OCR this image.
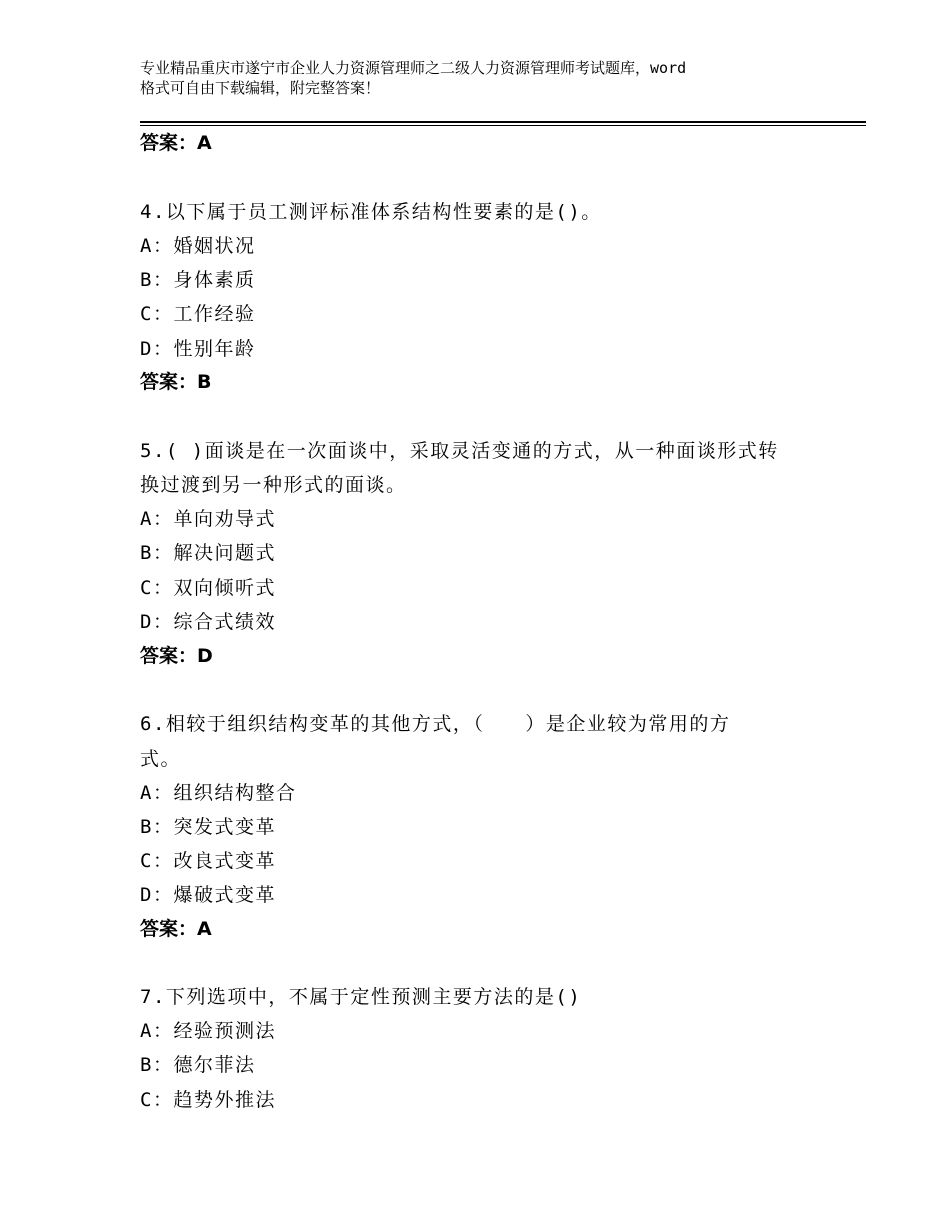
专业精品重庆市遂宁市企业人力资源管理师之二级人力资源管理师考试题库，word
格式可自由下载编辑，附完整答案！
答案：A
4.以下属于员工测评标准体系结构性要素的是()。
A：婚姻状况
B：身体素质
C：工作经验
D：性别年龄
答案：B
5.( )面谈是在一次面谈中，采取灵活变通的方式，从一种面谈形式转
换过渡到另一种形式的面谈。
A：单向劝导式
B：解决问题式
C：双向倾听式
D：综合式绩效
答案：D
6.相较于组织结构变革的其他方式，（　　）是企业较为常用的方
式。
A：组织结构整合
B：突发式变革
C：改良式变革
D：爆破式变革
答案：A
7.下列选项中，不属于定性预测主要方法的是()
A：经验预测法
B：德尔菲法
C：趋势外推法
